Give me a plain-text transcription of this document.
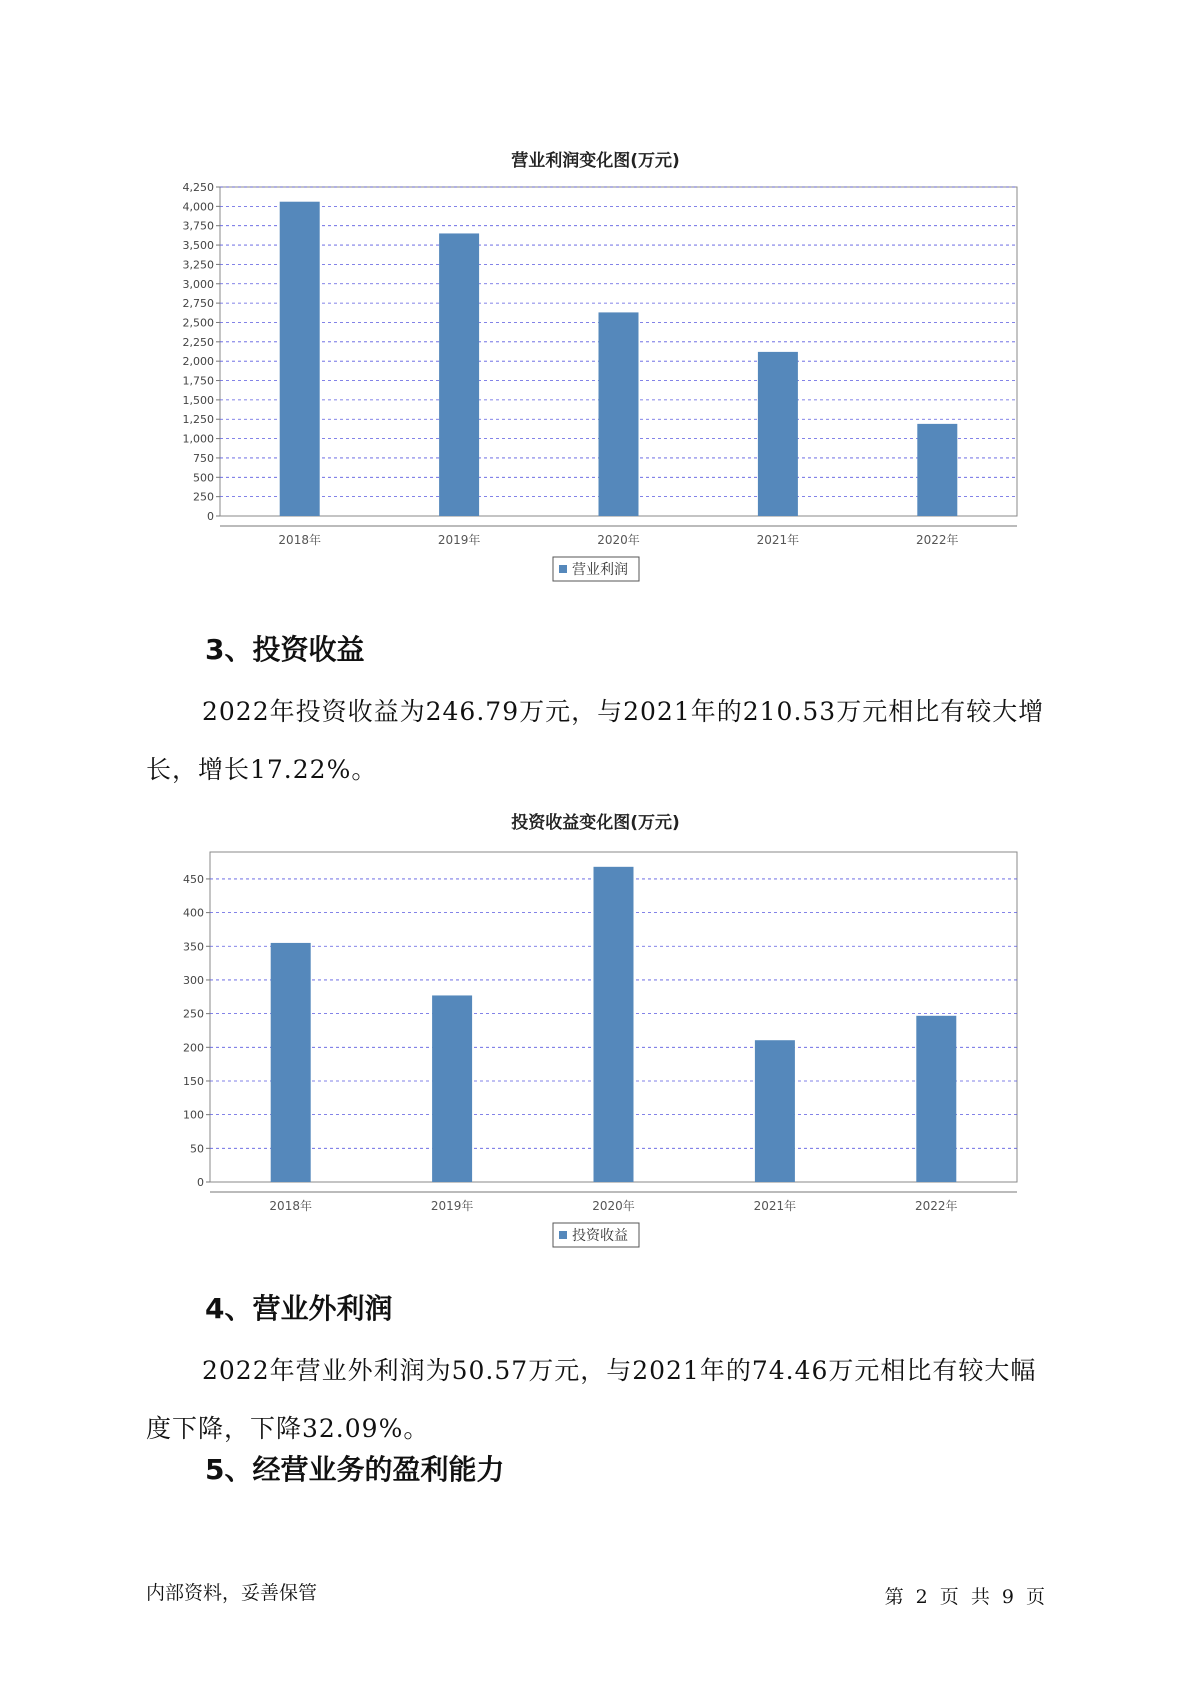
营业利润变化图(万元)
0
250
500
750
1,000
1,250
1,500
1,750
2,000
2,250
2,500
2,750
3,000
3,250
3,500
3,750
4,000
4,250
2018年	2019年	2020年	2021年	2022年
营业利润
3、投资收益

2022年投资收益为246.79万元，与2021年的210.53万元相比有较大增长，增长17.22%。

投资收益变化图(万元)
0
50
100
150
200
250
300
350
400
450
2018年	2019年	2020年	2021年	2022年
投资收益
4、营业外利润

2022年营业外利润为50.57万元，与2021年的74.46万元相比有较大幅度下降，下降32.09%。

5、经营业务的盈利能力
内部资料，妥善保管	第 2 页 共 9 页
